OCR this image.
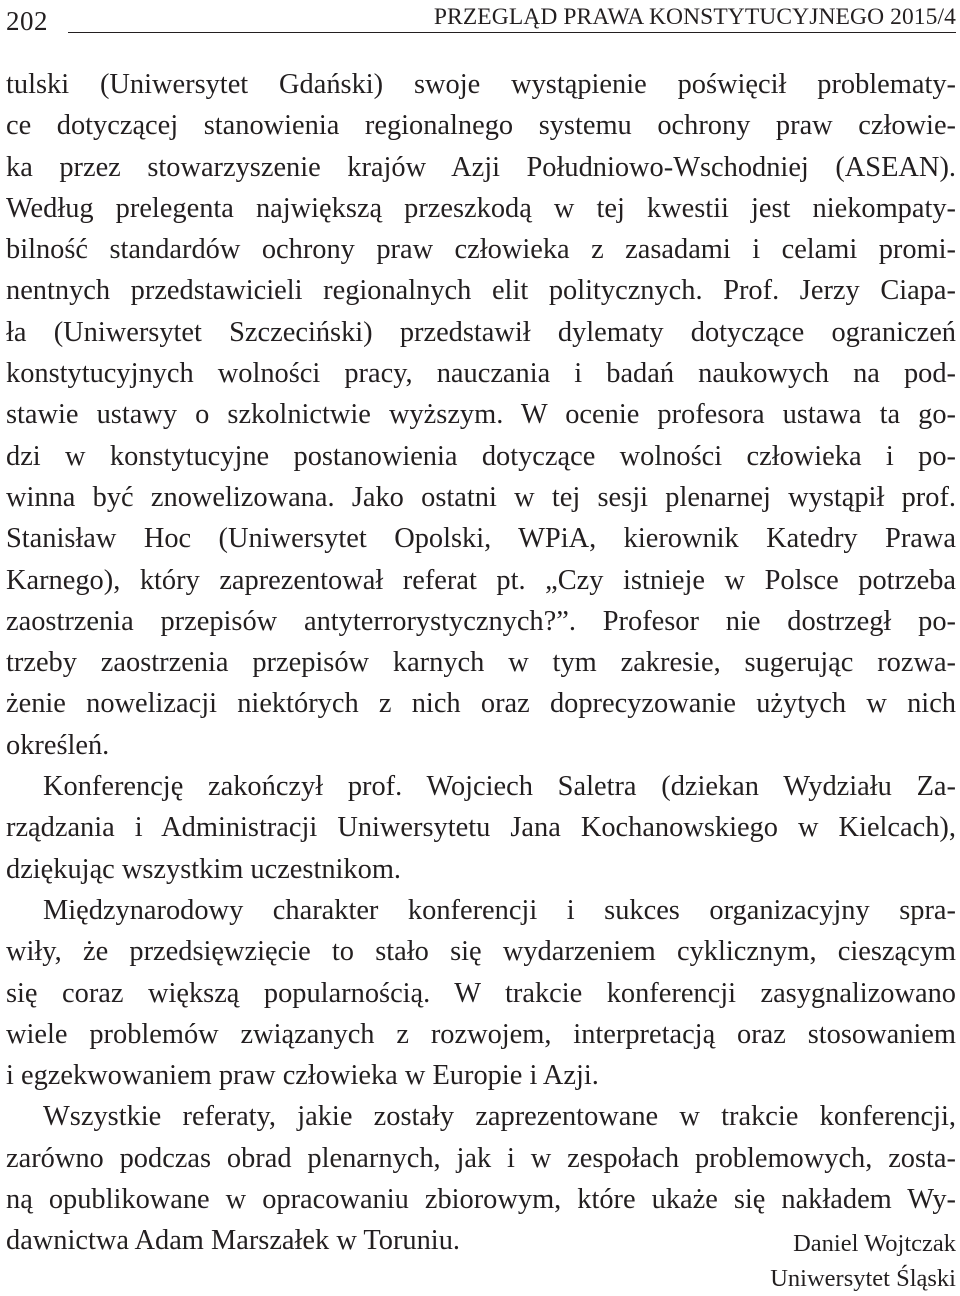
202	PRZEGLĄD PRAWA KONSTYTUCYJNEGO 2015/4
tulski (Uniwersytet Gdański) swoje wystąpienie poświęcił problematy-
ce dotyczącej stanowienia regionalnego systemu ochrony praw człowie-
ka przez stowarzyszenie krajów Azji Południowo-Wschodniej (ASEAN).
Według prelegenta największą przeszkodą w tej kwestii jest niekompaty-
bilność standardów ochrony praw człowieka z zasadami i celami promi-
nentnych przedstawicieli regionalnych elit politycznych. Prof. Jerzy Ciapa-
ła (Uniwersytet Szczeciński) przedstawił dylematy dotyczące ograniczeń
konstytucyjnych wolności pracy, nauczania i badań naukowych na pod-
stawie ustawy o szkolnictwie wyższym. W ocenie profesora ustawa ta go-
dzi w konstytucyjne postanowienia dotyczące wolności człowieka i po-
winna być znowelizowana. Jako ostatni w tej sesji plenarnej wystąpił prof.
Stanisław Hoc (Uniwersytet Opolski, WPiA, kierownik Katedry Prawa
Karnego), który zaprezentował referat pt. „Czy istnieje w Polsce potrzeba
zaostrzenia przepisów antyterrorystycznych?”. Profesor nie dostrzegł po-
trzeby zaostrzenia przepisów karnych w tym zakresie, sugerując rozwa-
żenie nowelizacji niektórych z nich oraz doprecyzowanie użytych w nich
określeń.
Konferencję zakończył prof. Wojciech Saletra (dziekan Wydziału Za-
rządzania i Administracji Uniwersytetu Jana Kochanowskiego w Kielcach),
dziękując wszystkim uczestnikom.
Międzynarodowy charakter konferencji i sukces organizacyjny spra-
wiły, że przedsięwzięcie to stało się wydarzeniem cyklicznym, cieszącym
się coraz większą popularnością. W trakcie konferencji zasygnalizowano
wiele problemów związanych z rozwojem, interpretacją oraz stosowaniem
i egzekwowaniem praw człowieka w Europie i Azji.
Wszystkie referaty, jakie zostały zaprezentowane w trakcie konferencji,
zarówno podczas obrad plenarnych, jak i w zespołach problemowych, zosta-
ną opublikowane w opracowaniu zbiorowym, które ukaże się nakładem Wy-
dawnictwa Adam Marszałek w Toruniu.	Daniel Wojtczak
Uniwersytet Śląski
